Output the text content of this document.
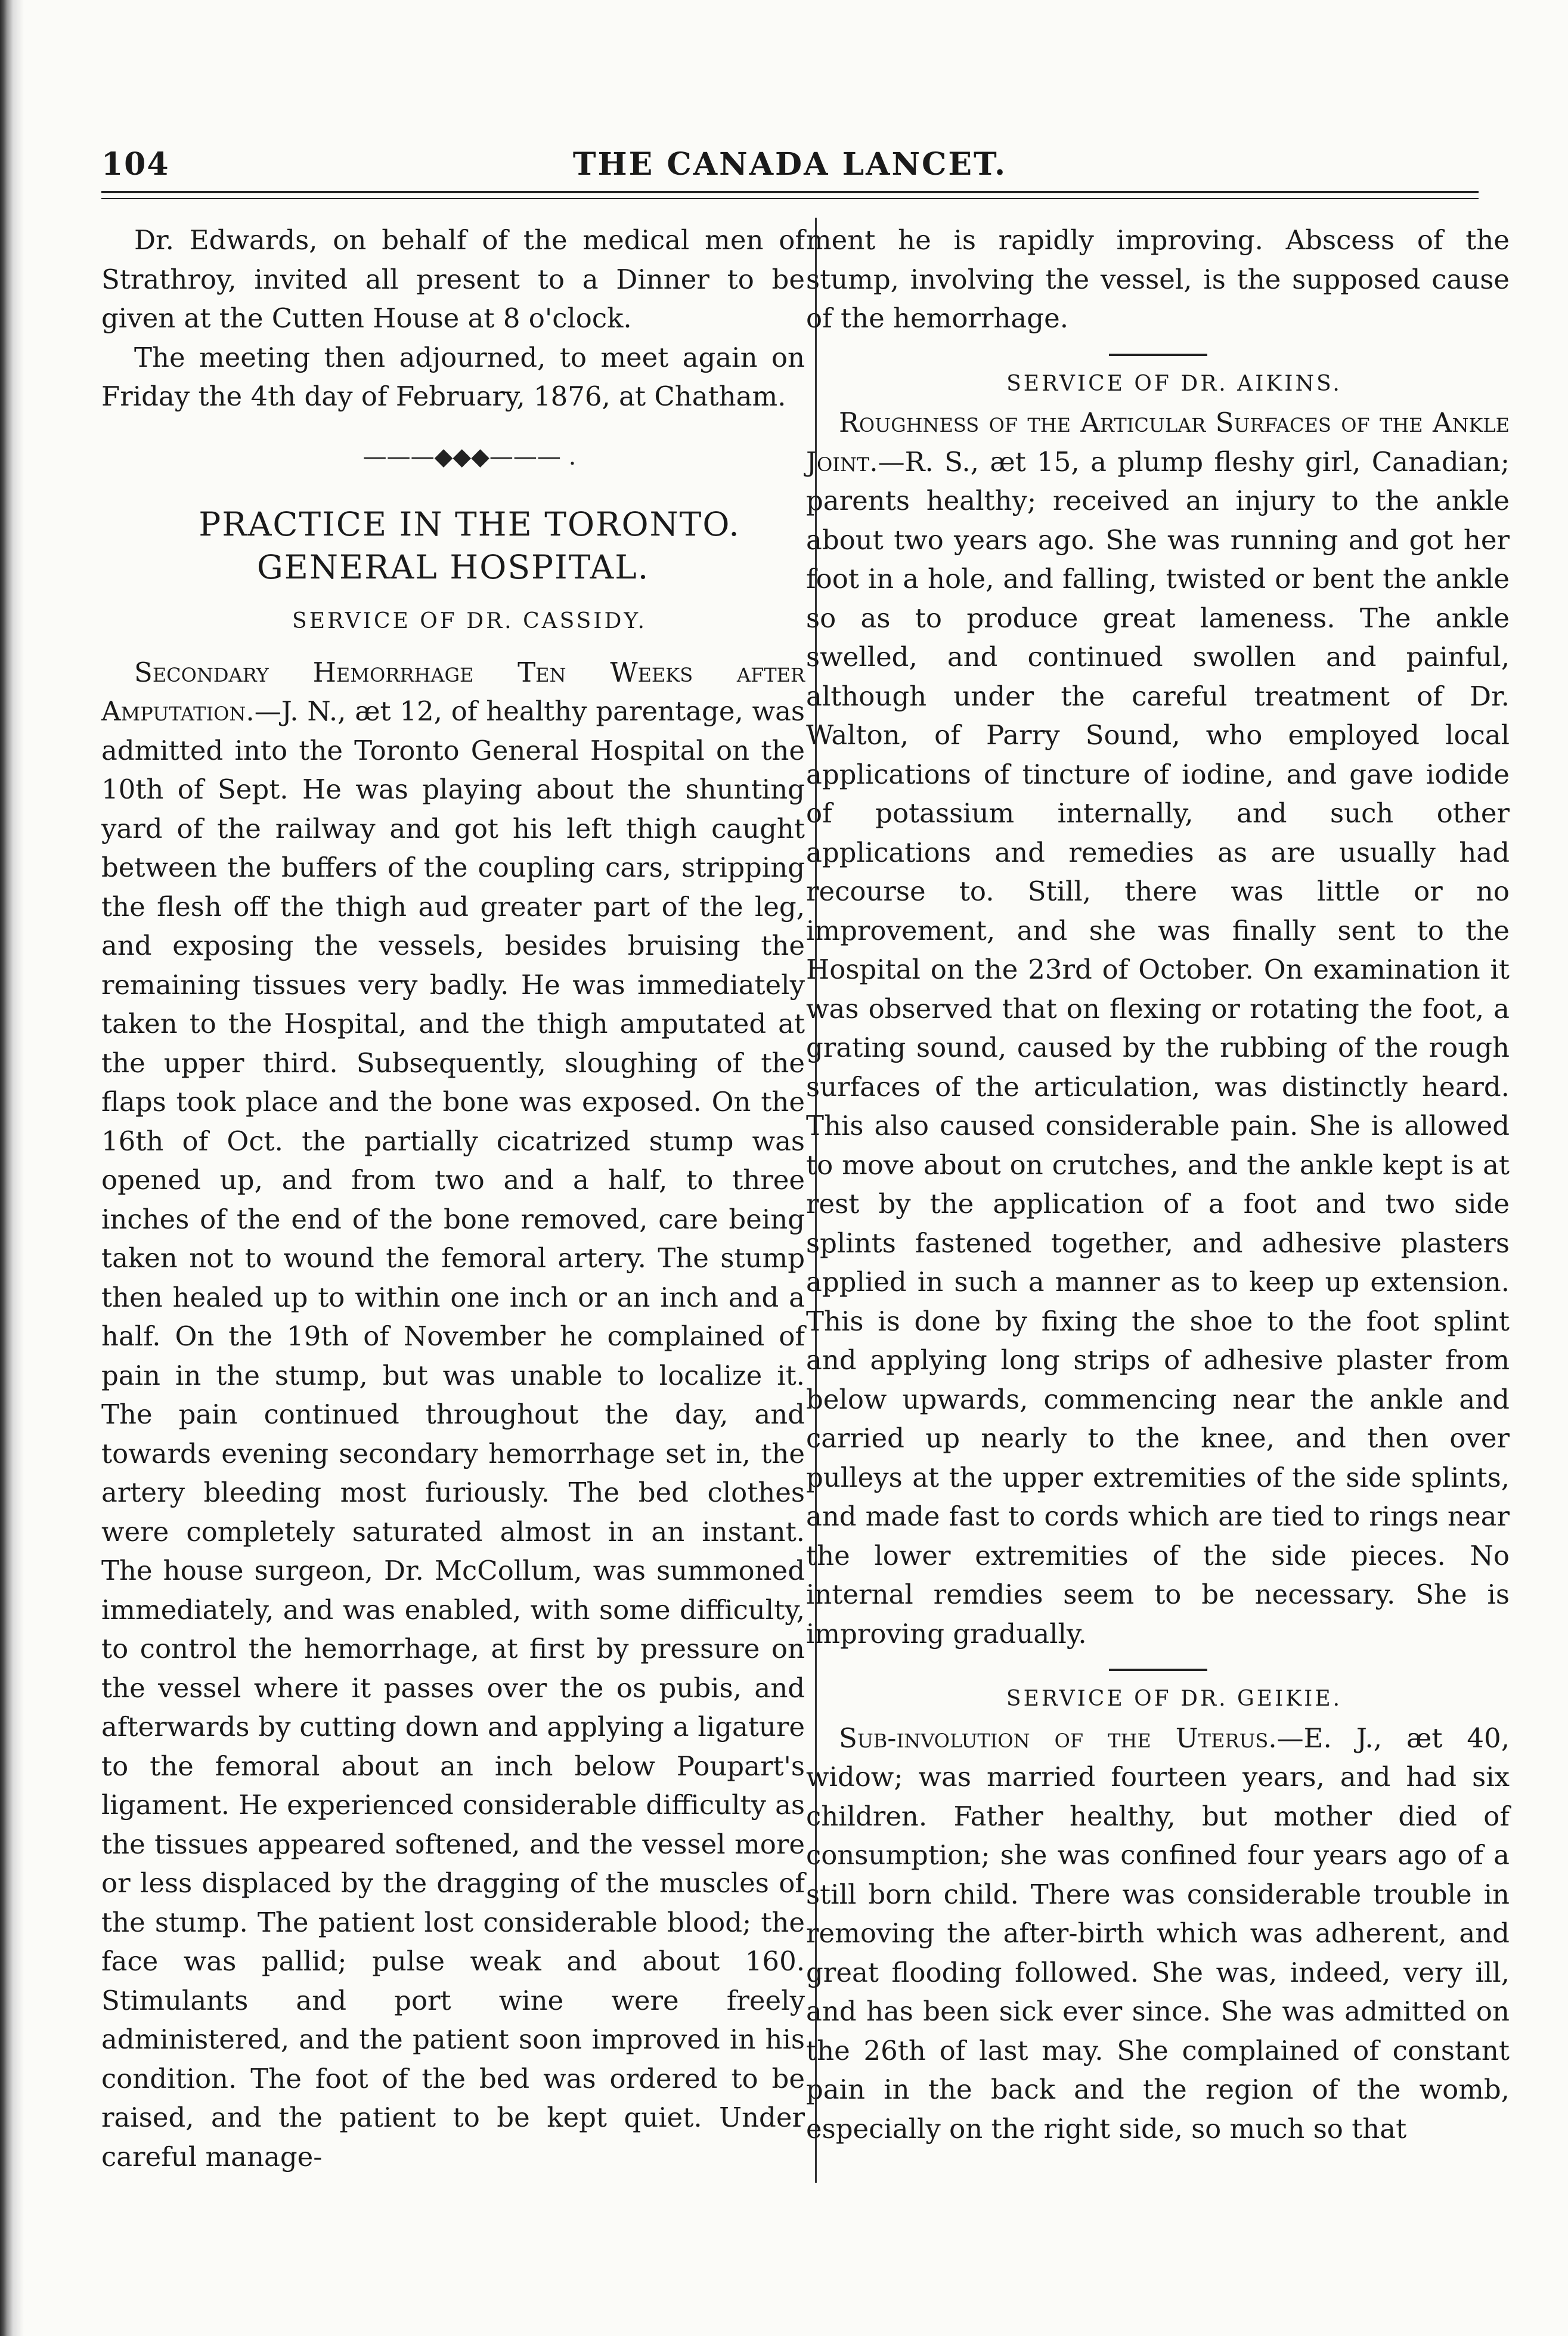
104	THE CANADA LANCET.

Dr. Edwards, on behalf of the medical men of Strathroy, invited all present to a Dinner to be given at the Cutten House at 8 o'clock.

The meeting then adjourned, to meet again on Friday the 4th day of February, 1876, at Chatham.

———◆◆◆——— .

PRACTICE IN THE TORONTO. GENERAL HOSPITAL.

SERVICE OF DR. CASSIDY.

Secondary Hemorrhage Ten Weeks after Amputation.—J. N., æt 12, of healthy parentage, was admitted into the Toronto General Hospital on the 10th of Sept. He was playing about the shunting yard of the railway and got his left thigh caught between the buffers of the coupling cars, stripping the flesh off the thigh aud greater part of the leg, and exposing the vessels, besides bruising the remaining tissues very badly. He was immediately taken to the Hospital, and the thigh amputated at the upper third. Subsequently, sloughing of the flaps took place and the bone was exposed. On the 16th of Oct. the partially cicatrized stump was opened up, and from two and a half, to three inches of the end of the bone removed, care being taken not to wound the femoral artery. The stump then healed up to within one inch or an inch and a half. On the 19th of November he complained of pain in the stump, but was unable to localize it. The pain continued throughout the day, and towards evening secondary hemorrhage set in, the artery bleeding most furiously. The bed clothes were completely saturated almost in an instant. The house surgeon, Dr. McCollum, was summoned immediately, and was enabled, with some difficulty, to control the hemorrhage, at first by pressure on the vessel where it passes over the os pubis, and afterwards by cutting down and applying a ligature to the femoral about an inch below Poupart's ligament. He experienced considerable difficulty as the tissues appeared softened, and the vessel more or less displaced by the dragging of the muscles of the stump. The patient lost considerable blood; the face was pallid; pulse weak and about 160. Stimulants and port wine were freely administered, and the patient soon improved in his condition. The foot of the bed was ordered to be raised, and the patient to be kept quiet. Under careful manage-

ment he is rapidly improving. Abscess of the stump, involving the vessel, is the supposed cause of the hemorrhage.

SERVICE OF DR. AIKINS.

Roughness of the Articular Surfaces of the Ankle Joint.—R. S., æt 15, a plump fleshy girl, Canadian; parents healthy; received an injury to the ankle about two years ago. She was running and got her foot in a hole, and falling, twisted or bent the ankle so as to produce great lameness. The ankle swelled, and continued swollen and painful, although under the careful treatment of Dr. Walton, of Parry Sound, who employed local applications of tincture of iodine, and gave iodide of potassium internally, and such other applications and remedies as are usually had recourse to. Still, there was little or no improvement, and she was finally sent to the Hospital on the 23rd of October. On examination it was observed that on flexing or rotating the foot, a grating sound, caused by the rubbing of the rough surfaces of the articulation, was distinctly heard. This also caused considerable pain. She is allowed to move about on crutches, and the ankle kept is at rest by the application of a foot and two side splints fastened together, and adhesive plasters applied in such a manner as to keep up extension. This is done by fixing the shoe to the foot splint and applying long strips of adhesive plaster from below upwards, commencing near the ankle and carried up nearly to the knee, and then over pulleys at the upper extremities of the side splints, and made fast to cords which are tied to rings near the lower extremities of the side pieces. No internal remdies seem to be necessary. She is improving gradually.

SERVICE OF DR. GEIKIE.

Sub-involution of the Uterus.—E. J., æt 40, widow; was married fourteen years, and had six children. Father healthy, but mother died of consumption; she was confined four years ago of a still born child. There was considerable trouble in removing the after-birth which was adherent, and great flooding followed. She was, indeed, very ill, and has been sick ever since. She was admitted on the 26th of last may. She complained of constant pain in the back and the region of the womb, especially on the right side, so much so that
